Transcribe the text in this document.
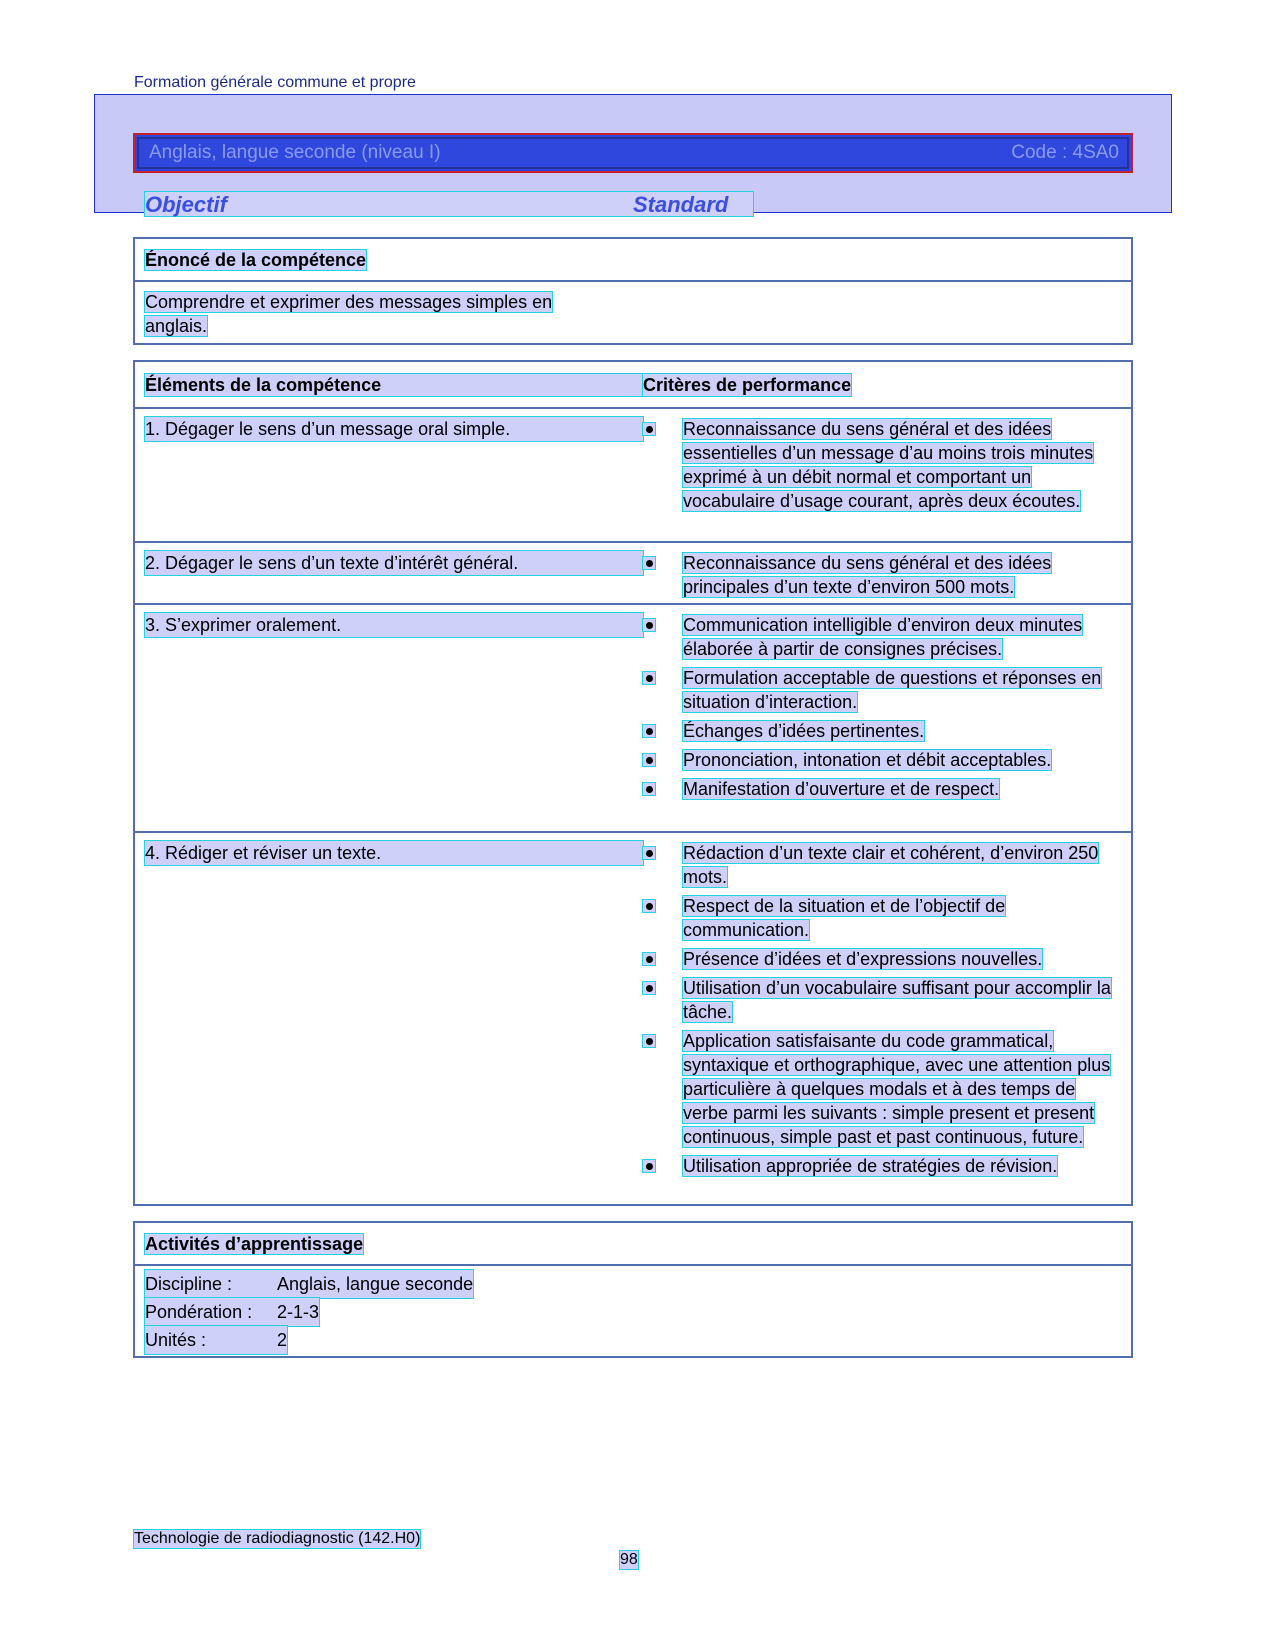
Formation générale commune et propre
Anglais, langue seconde (niveau I)	Code : 4SA0
Objectif	Standard
Énoncé de la compétence
Comprendre et exprimer des messages simples en
anglais.
Éléments de la compétence	Critères de performance
1. Dégager le sens d’un message oral simple.	Reconnaissance du sens général et des idées essentielles d’un message d’au moins trois minutes exprimé à un débit normal et comportant un vocabulaire d’usage courant, après deux écoutes.
2. Dégager le sens d’un texte d’intérêt général.	Reconnaissance du sens général et des idées principales d’un texte d’environ 500 mots.
3. S’exprimer oralement.	Communication intelligible d’environ deux minutes élaborée à partir de consignes précises.
Formulation acceptable de questions et réponses en situation d’interaction.
Échanges d’idées pertinentes.
Prononciation, intonation et débit acceptables.
Manifestation d’ouverture et de respect.
4. Rédiger et réviser un texte.	Rédaction d’un texte clair et cohérent, d’environ 250 mots.
Respect de la situation et de l’objectif de communication.
Présence d’idées et d’expressions nouvelles.
Utilisation d’un vocabulaire suffisant pour accomplir la tâche.
Application satisfaisante du code grammatical, syntaxique et orthographique, avec une attention plus particulière à quelques modals et à des temps de verbe parmi les suivants : simple present et present continuous, simple past et past continuous, future.
Utilisation appropriée de stratégies de révision.
Activités d’apprentissage
Discipline : Anglais, langue seconde
Pondération : 2-1-3
Unités :	2
Technologie de radiodiagnostic (142.H0)
98
